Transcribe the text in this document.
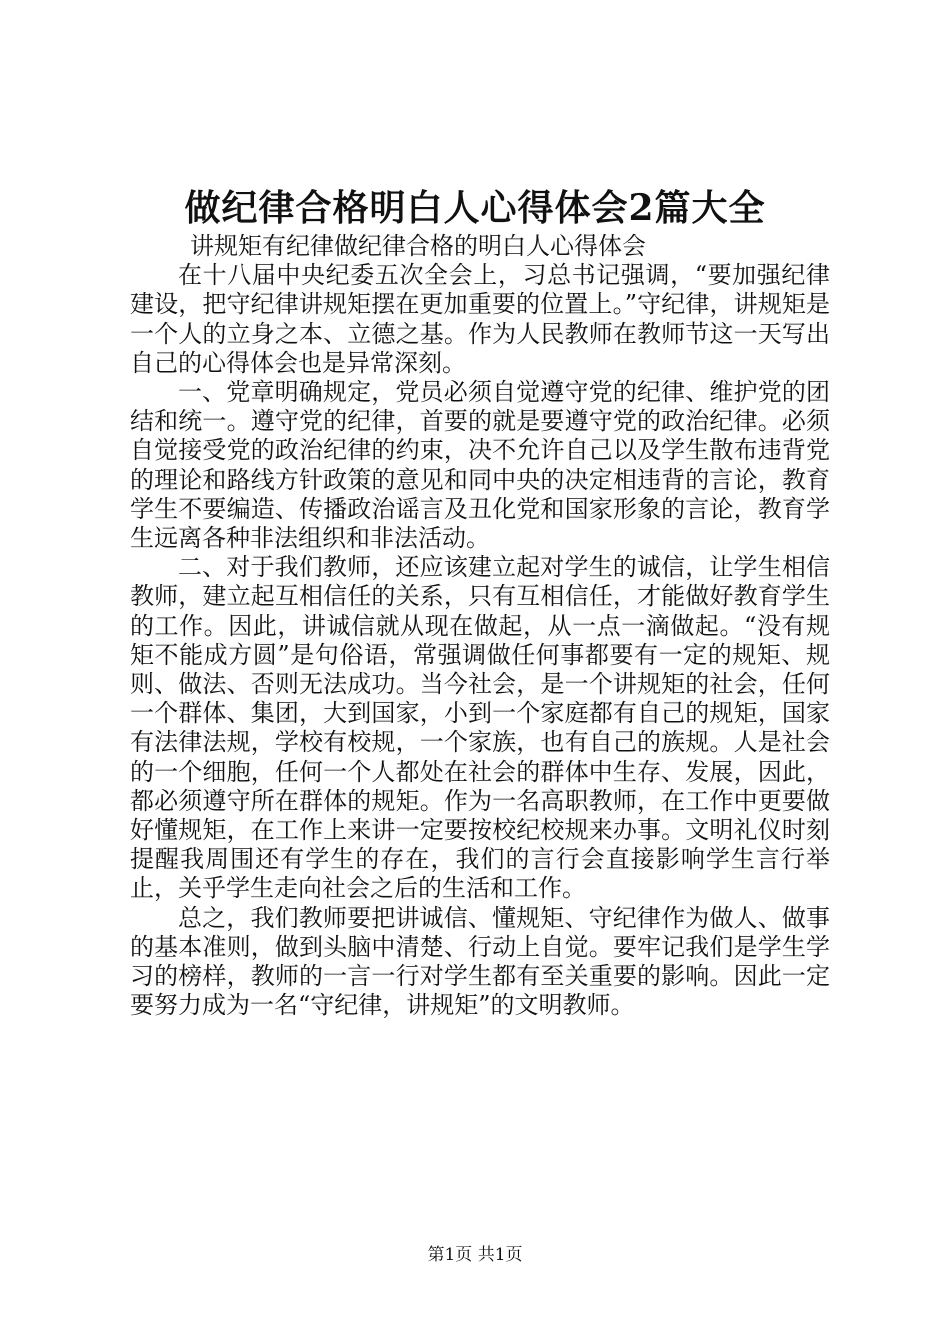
做纪律合格明白人心得体会2篇大全

讲规矩有纪律做纪律合格的明白人心得体会

在十八届中央纪委五次全会上，习总书记强调，“要加强纪律建设，把守纪律讲规矩摆在更加重要的位置上。”守纪律，讲规矩是一个人的立身之本、立德之基。作为人民教师在教师节这一天写出自己的心得体会也是异常深刻。

一、党章明确规定，党员必须自觉遵守党的纪律、维护党的团结和统一。遵守党的纪律，首要的就是要遵守党的政治纪律。必须自觉接受党的政治纪律的约束，决不允许自己以及学生散布违背党的理论和路线方针政策的意见和同中央的决定相违背的言论，教育学生不要编造、传播政治谣言及丑化党和国家形象的言论，教育学生远离各种非法组织和非法活动。

二、对于我们教师，还应该建立起对学生的诚信，让学生相信教师，建立起互相信任的关系，只有互相信任，才能做好教育学生的工作。因此，讲诚信就从现在做起，从一点一滴做起。“没有规矩不能成方圆”是句俗语，常强调做任何事都要有一定的规矩、规则、做法、否则无法成功。当今社会，是一个讲规矩的社会，任何一个群体、集团，大到国家，小到一个家庭都有自己的规矩，国家有法律法规，学校有校规，一个家族，也有自己的族规。人是社会的一个细胞，任何一个人都处在社会的群体中生存、发展，因此，都必须遵守所在群体的规矩。作为一名高职教师，在工作中更要做好懂规矩，在工作上来讲一定要按校纪校规来办事。文明礼仪时刻提醒我周围还有学生的存在，我们的言行会直接影响学生言行举止，关乎学生走向社会之后的生活和工作。

总之，我们教师要把讲诚信、懂规矩、守纪律作为做人、做事的基本准则，做到头脑中清楚、行动上自觉。要牢记我们是学生学习的榜样，教师的一言一行对学生都有至关重要的影响。因此一定要努力成为一名“守纪律，讲规矩”的文明教师。

第1页 共1页
